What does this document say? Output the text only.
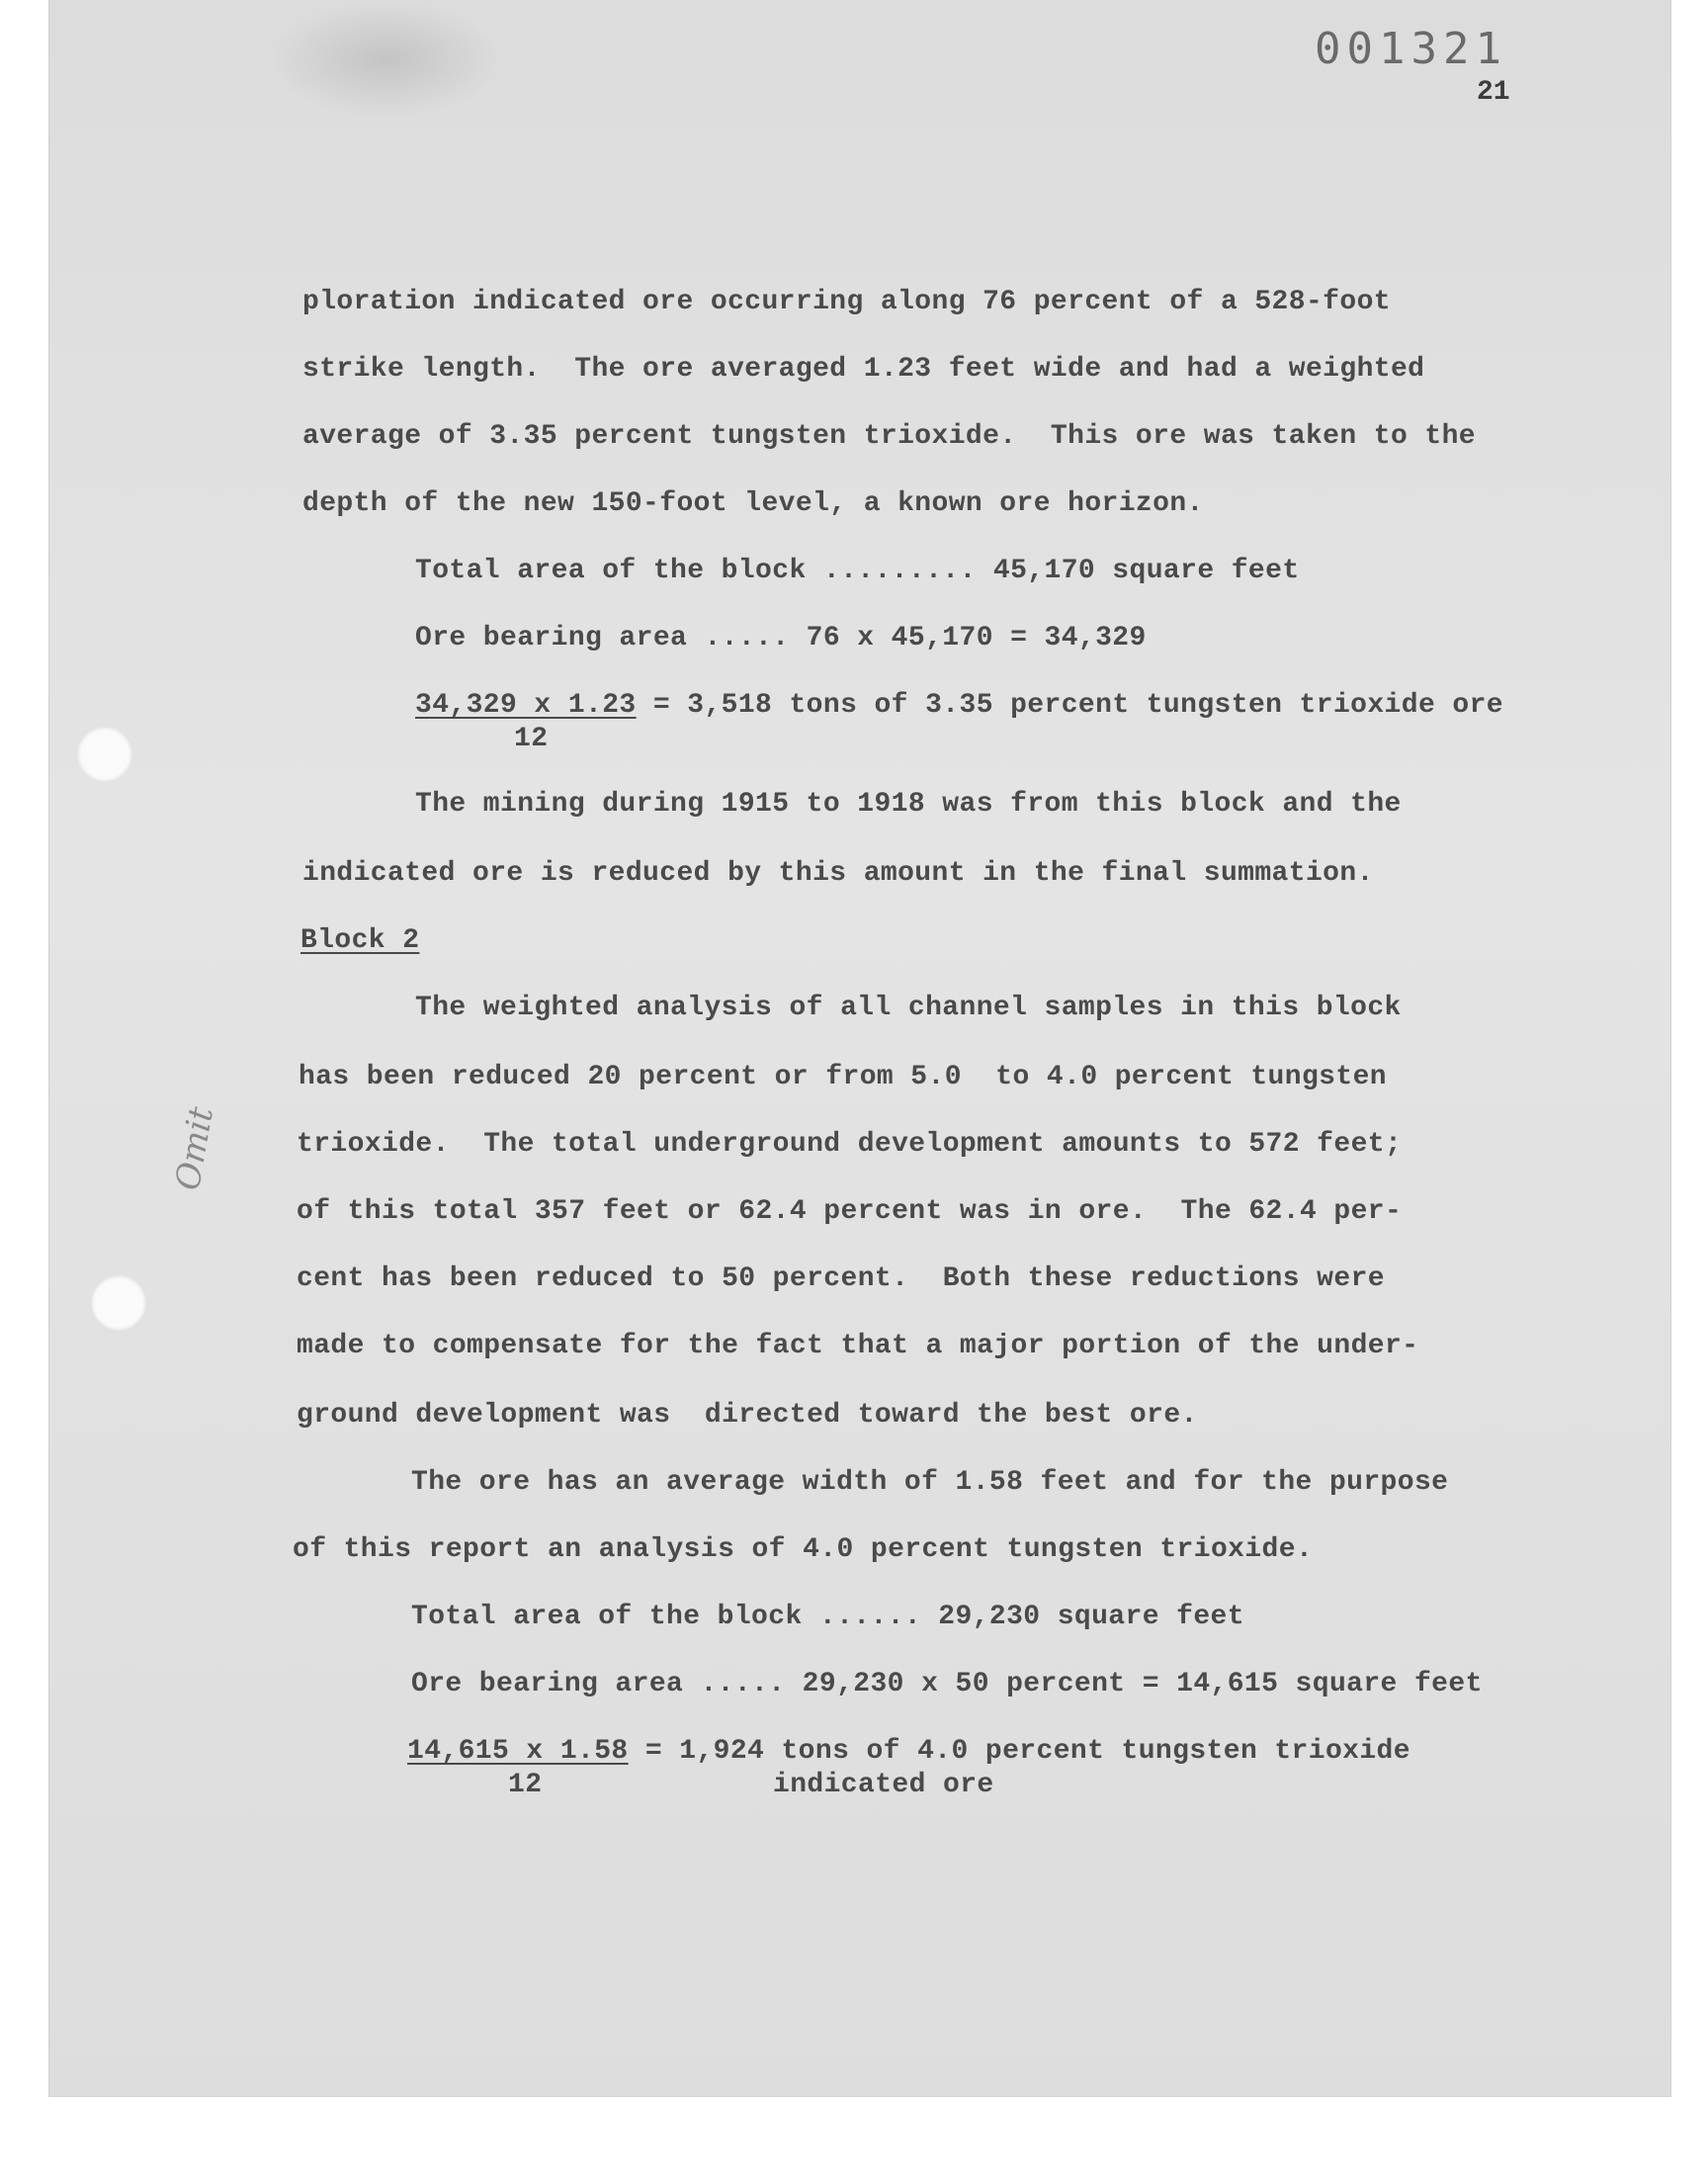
001321
21
Omit
ploration indicated ore occurring along 76 percent of a 528-foot
strike length.  The ore averaged 1.23 feet wide and had a weighted
average of 3.35 percent tungsten trioxide.  This ore was taken to the
depth of the new 150-foot level, a known ore horizon.
Total area of the block ......... 45,170 square feet
Ore bearing area ..... 76 x 45,170 = 34,329
34,329 x 1.23 = 3,518 tons of 3.35 percent tungsten trioxide ore
12
The mining during 1915 to 1918 was from this block and the
indicated ore is reduced by this amount in the final summation.
Block 2
The weighted analysis of all channel samples in this block
has been reduced 20 percent or from 5.0  to 4.0 percent tungsten
trioxide.  The total underground development amounts to 572 feet;
of this total 357 feet or 62.4 percent was in ore.  The 62.4 per-
cent has been reduced to 50 percent.  Both these reductions were
made to compensate for the fact that a major portion of the under-
ground development was  directed toward the best ore.
The ore has an average width of 1.58 feet and for the purpose
of this report an analysis of 4.0 percent tungsten trioxide.
Total area of the block ...... 29,230 square feet
Ore bearing area ..... 29,230 x 50 percent = 14,615 square feet
14,615 x 1.58 = 1,924 tons of 4.0 percent tungsten trioxide
12	indicated ore
